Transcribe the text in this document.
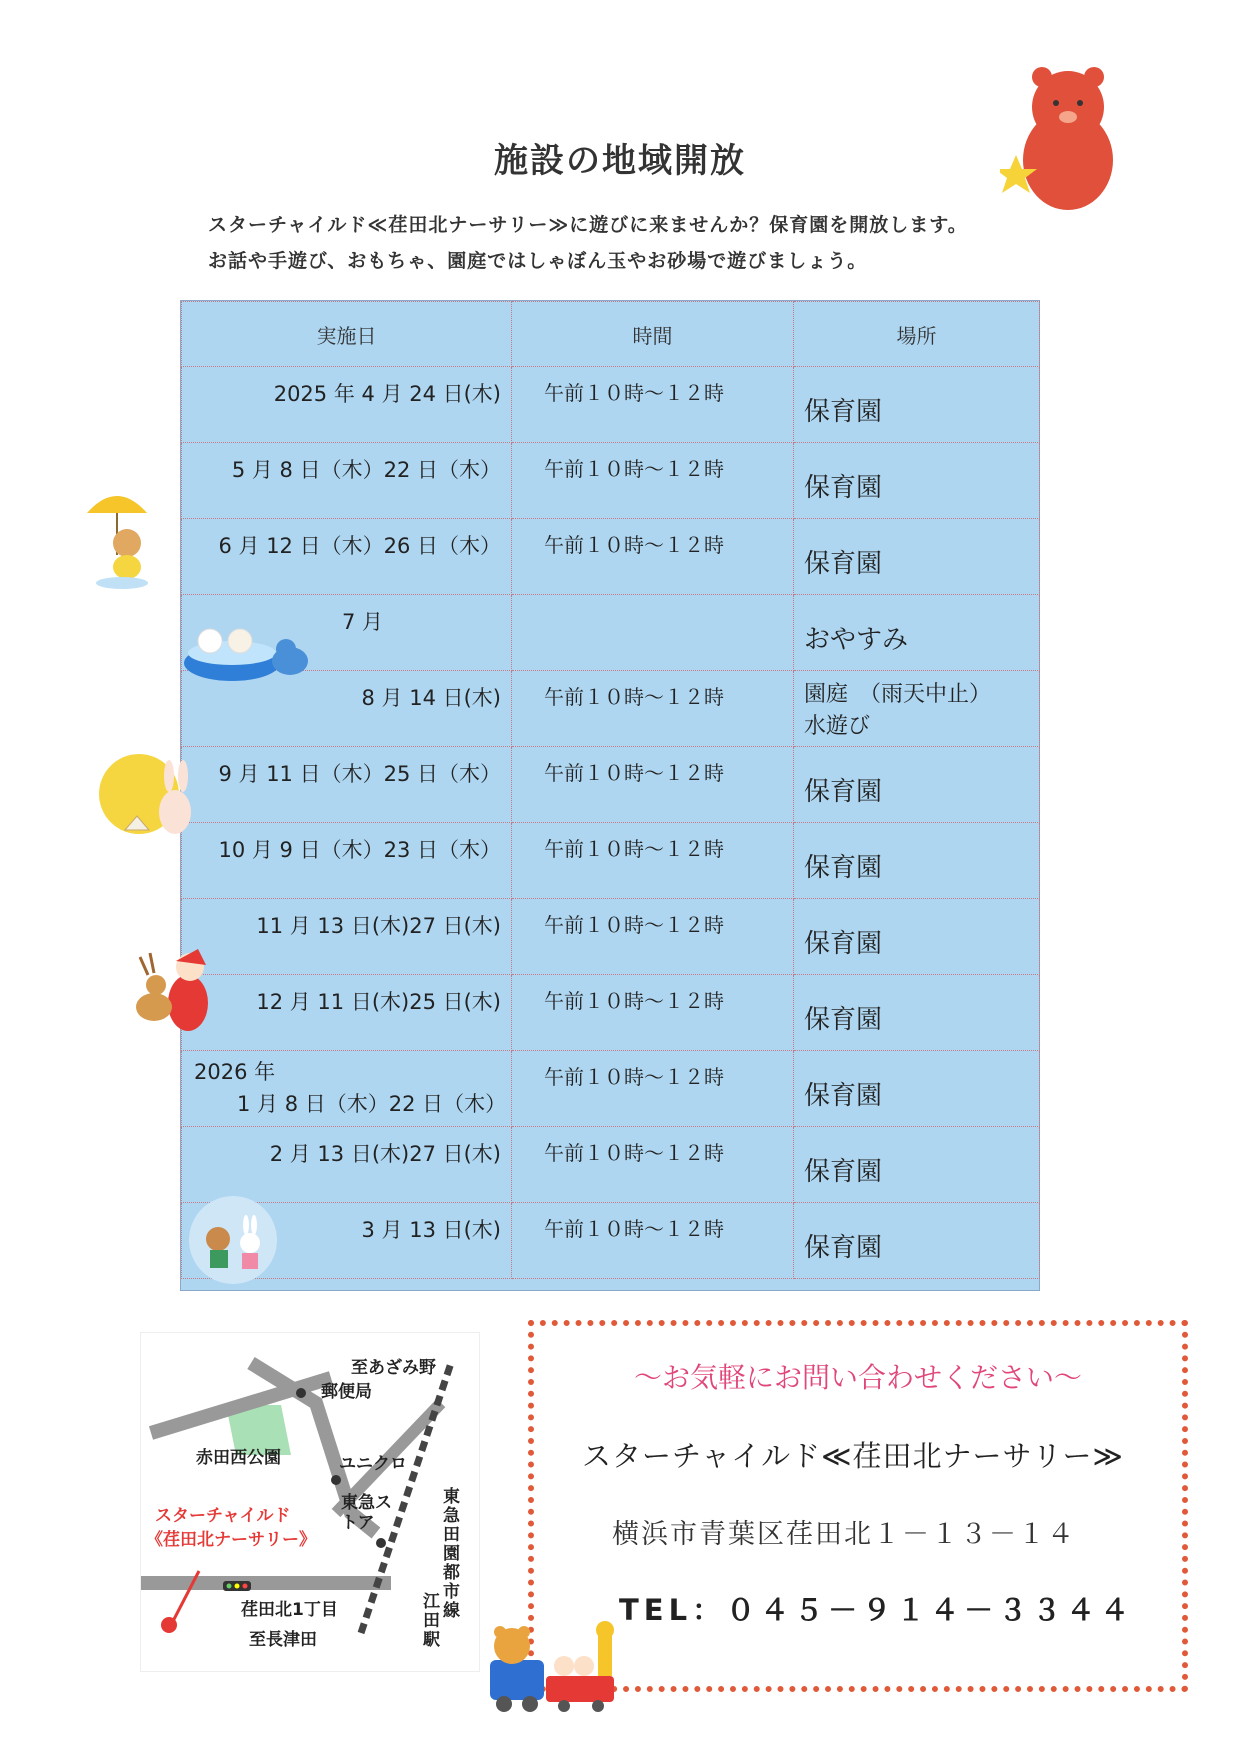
施設の地域開放
スターチャイルド≪荏田北ナーサリー≫に遊びに来ませんか？保育園を開放します。
お話や手遊び、おもちゃ、園庭ではしゃぼん玉やお砂場で遊びましょう。
実施日	時間	場所

2025 年 4 月 24 日(木)	午前１０時～１２時	保育園

5 月 8 日（木）22 日（木）	午前１０時～１２時	保育園

6 月 12 日（木）26 日（木）	午前１０時～１２時	保育園

7 月		おやすみ

8 月 14 日(木)	午前１０時～１２時	園庭　（雨天中止）
水遊び

9 月 11 日（木）25 日（木）	午前１０時～１２時	保育園

10 月 9 日（木）23 日（木）	午前１０時～１２時	保育園

11 月 13 日(木)27 日(木)	午前１０時～１２時	保育園

12 月 11 日(木)25 日(木)	午前１０時～１２時	保育園

2026 年
1 月 8 日（木）22 日（木）	午前１０時～１２時	保育園

2 月 13 日(木)27 日(木)	午前１０時～１２時	保育園

3 月 13 日(木)	午前１０時～１２時	保育園
至あざみ野
郵便局
赤田西公園	ユニクロ
東急ストア
スターチャイルド
《荏田北ナーサリー》
荏田北1丁目
至長津田
東急田園都市線
江田駅
～お気軽にお問い合わせください～
スターチャイルド≪荏田北ナーサリー≫
横浜市青葉区荏田北１－１３－１４
TEL：０４５－９１４－３３４４
